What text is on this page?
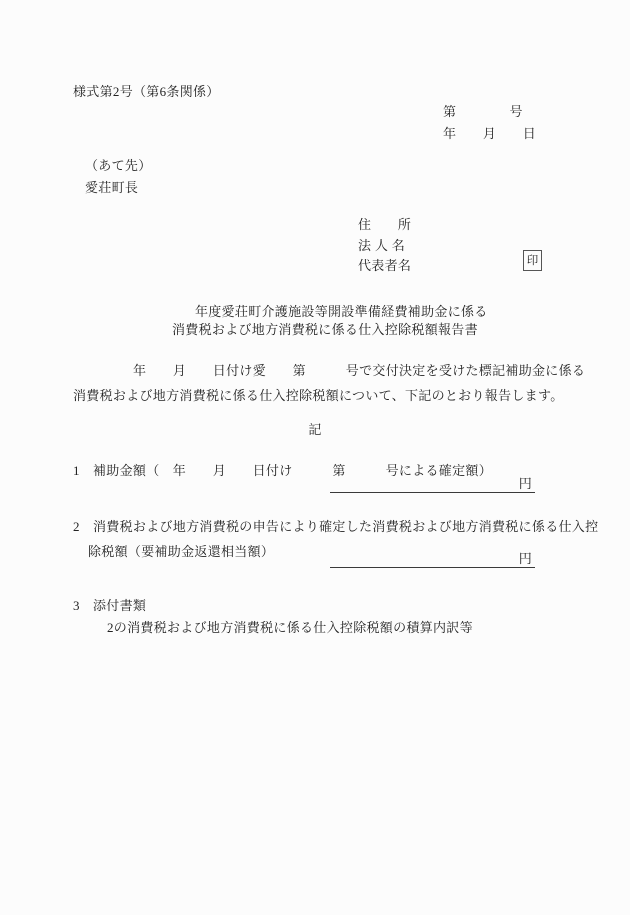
様式第2号（第6条関係）
第　　　　号
年　　月　　日
（あて先）
愛荘町長
住　　所
法 人 名
代表者名	印
年度愛荘町介護施設等開設準備経費補助金に係る
消費税および地方消費税に係る仕入控除税額報告書
年　　月　　日付け愛　　第　　　号で交付決定を受けた標記補助金に係る
消費税および地方消費税に係る仕入控除税額について、下記のとおり報告します。
記
1 補助金額（　年　　月　　日付け　　　第　　　号による確定額）
円
2 消費税および地方消費税の申告により確定した消費税および地方消費税に係る仕入控
除税額（要補助金返還相当額）	円
3 添付書類
2の消費税および地方消費税に係る仕入控除税額の積算内訳等
